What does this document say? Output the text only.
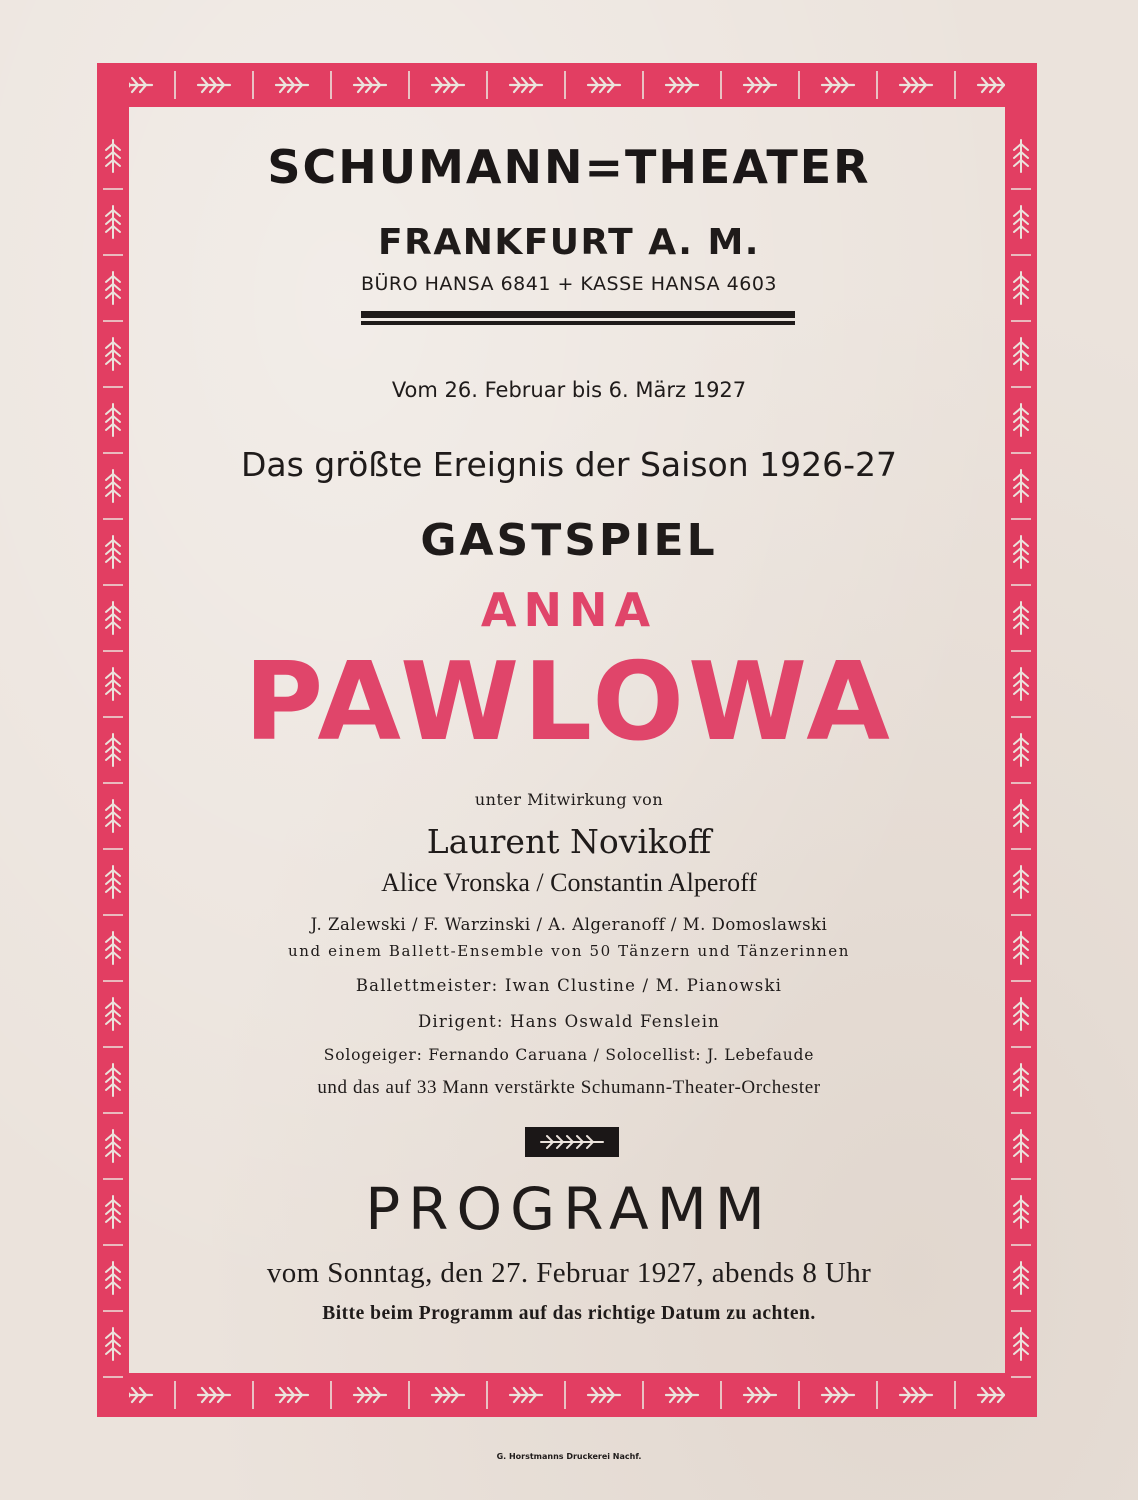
SCHUMANN=THEATER
FRANKFURT A. M.
BÜRO HANSA 6841 + KASSE HANSA 4603
Vom 26. Februar bis 6. März 1927
Das größte Ereignis der Saison 1926-27
GASTSPIEL
ANNA
PAWLOWA
unter Mitwirkung von
Laurent Novikoff
Alice Vronska / Constantin Alperoff
J. Zalewski / F. Warzinski / A. Algeranoff / M. Domoslawski
und einem Ballett-Ensemble von 50 Tänzern und Tänzerinnen
Ballettmeister: Iwan Clustine / M. Pianowski
Dirigent: Hans Oswald Fenslein
Sologeiger: Fernando Caruana / Solocellist: J. Lebefaude
und das auf 33 Mann verstärkte Schumann-Theater-Orchester
PROGRAMM
vom Sonntag, den 27. Februar 1927, abends 8 Uhr
Bitte beim Programm auf das richtige Datum zu achten.
G. Horstmanns Druckerei Nachf.
